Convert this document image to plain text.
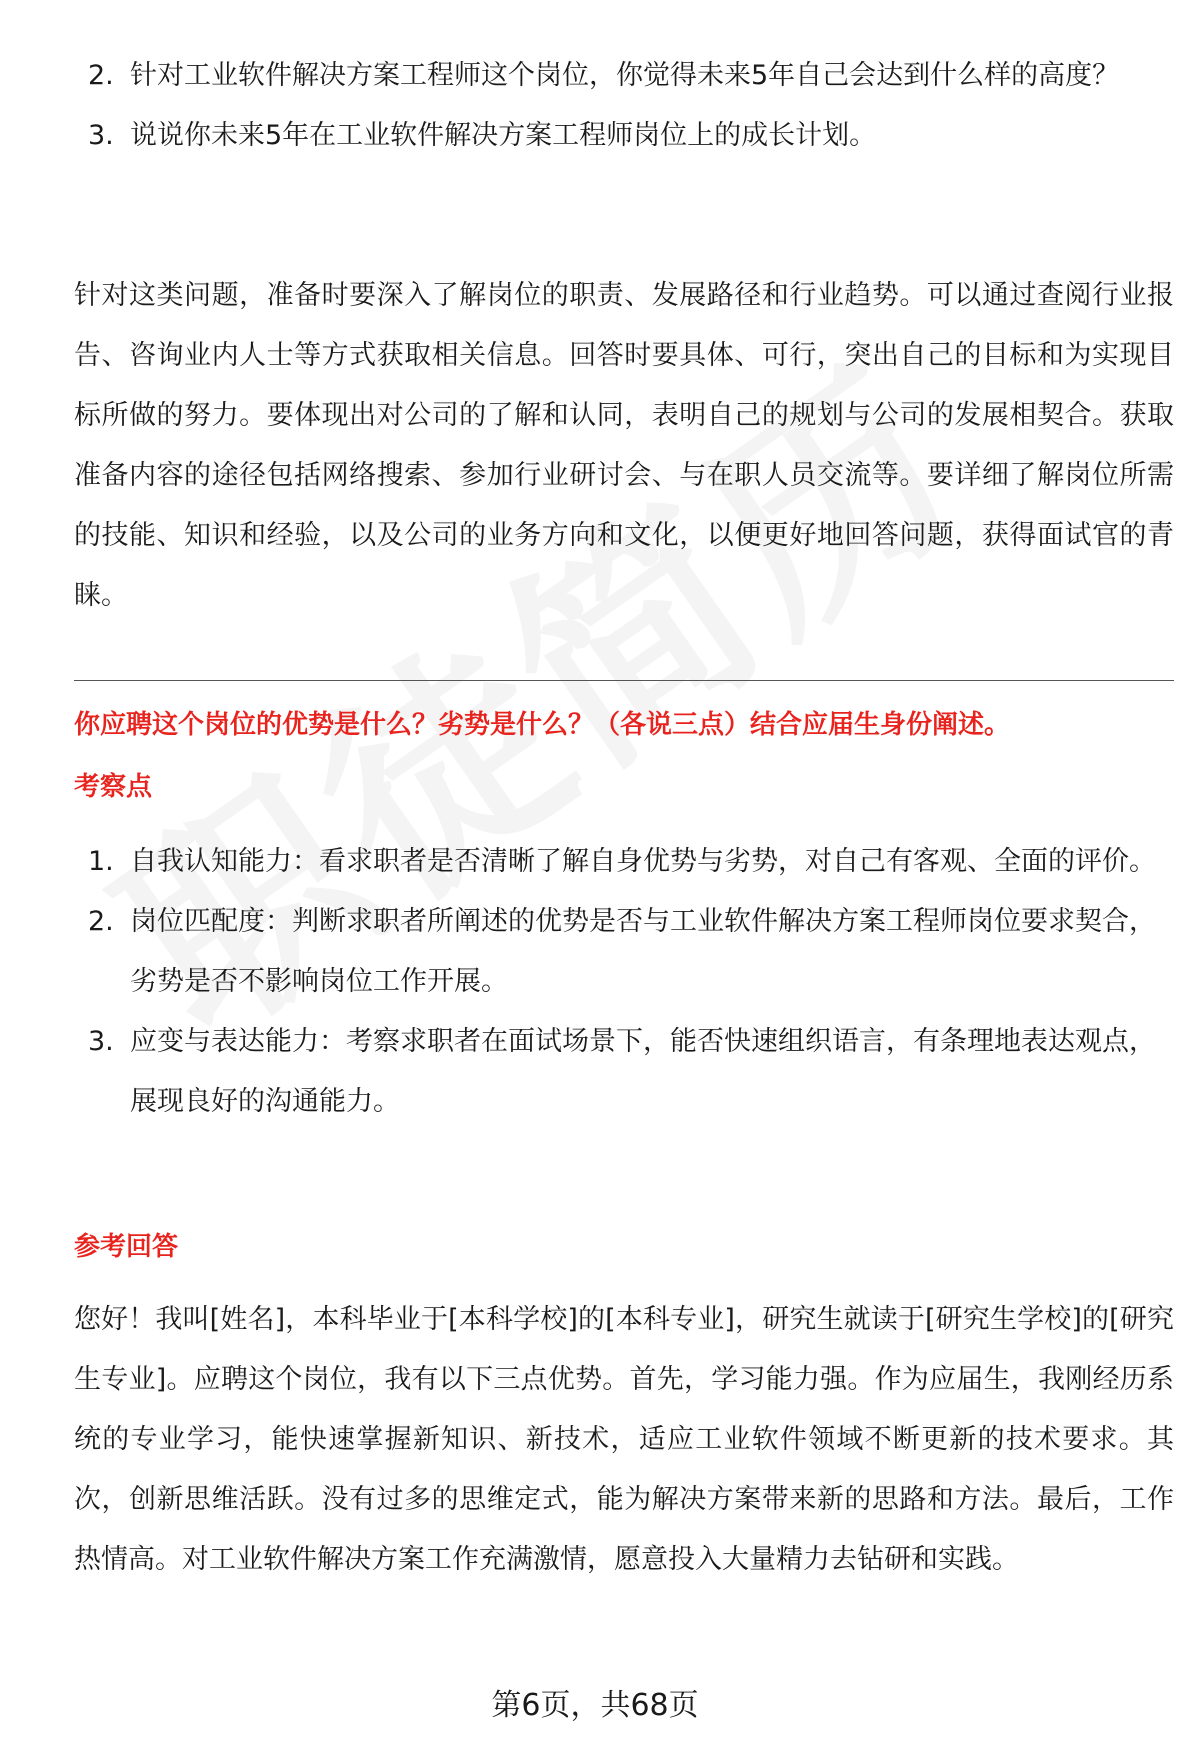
2. 针对工业软件解决方案工程师这个岗位，你觉得未来5年自己会达到什么样的高度？
3. 说说你未来5年在工业软件解决方案工程师岗位上的成长计划。

针对这类问题，准备时要深入了解岗位的职责、发展路径和行业趋势。可以通过查阅行业报告、咨询业内人士等方式获取相关信息。回答时要具体、可行，突出自己的目标和为实现目标所做的努力。要体现出对公司的了解和认同，表明自己的规划与公司的发展相契合。获取准备内容的途径包括网络搜索、参加行业研讨会、与在职人员交流等。要详细了解岗位所需的技能、知识和经验，以及公司的业务方向和文化，以便更好地回答问题，获得面试官的青睐。

你应聘这个岗位的优势是什么？劣势是什么？（各说三点）结合应届生身份阐述。

考察点

1. 自我认知能力：看求职者是否清晰了解自身优势与劣势，对自己有客观、全面的评价。
2. 岗位匹配度：判断求职者所阐述的优势是否与工业软件解决方案工程师岗位要求契合，劣势是否不影响岗位工作开展。
3. 应变与表达能力：考察求职者在面试场景下，能否快速组织语言，有条理地表达观点，展现良好的沟通能力。

参考回答

您好！我叫[姓名]，本科毕业于[本科学校]的[本科专业]，研究生就读于[研究生学校]的[研究生专业]。应聘这个岗位，我有以下三点优势。首先，学习能力强。作为应届生，我刚经历系统的专业学习，能快速掌握新知识、新技术，适应工业软件领域不断更新的技术要求。其次，创新思维活跃。没有过多的思维定式，能为解决方案带来新的思路和方法。最后，工作热情高。对工业软件解决方案工作充满激情，愿意投入大量精力去钻研和实践。

第6页，共68页
